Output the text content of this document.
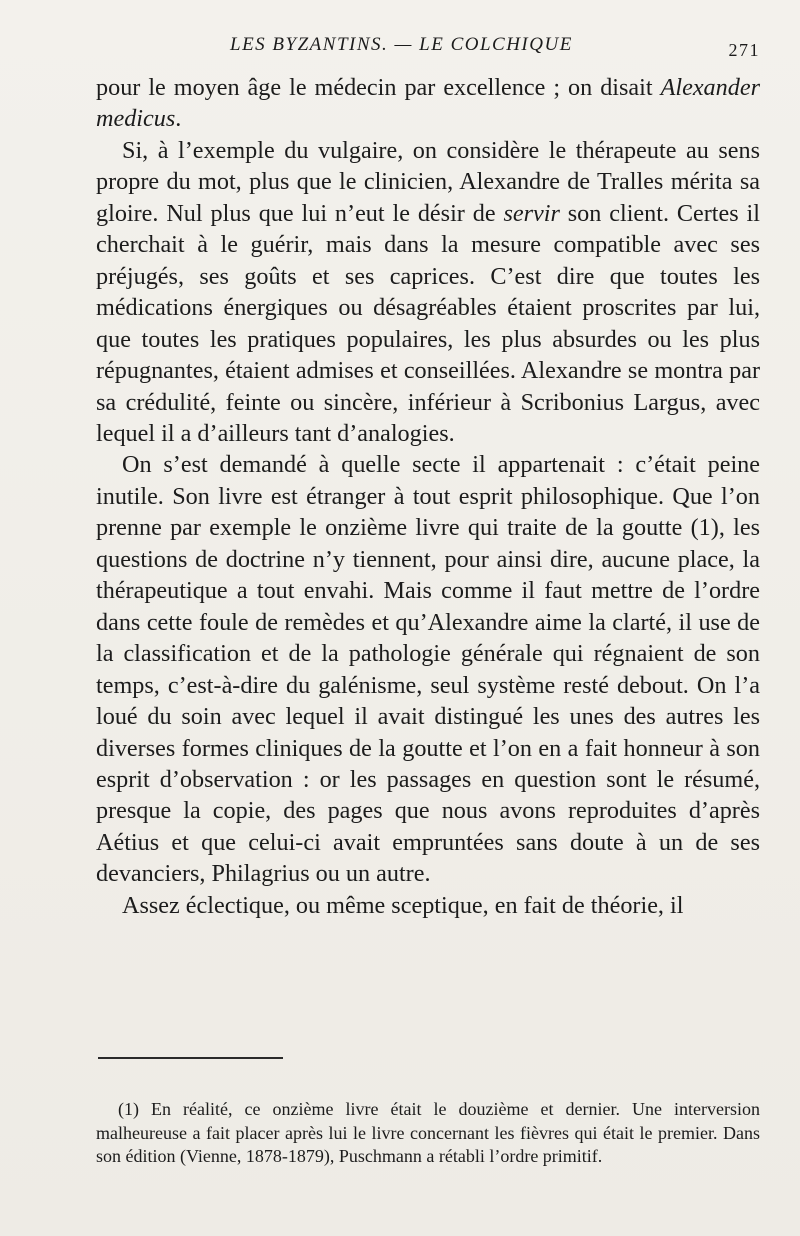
LES BYZANTINS. — LE COLCHIQUE	271

pour le moyen âge le médecin par excellence ; on disait Alexander medicus.

Si, à l’exemple du vulgaire, on considère le thérapeute au sens propre du mot, plus que le clinicien, Alexandre de Tralles mérita sa gloire. Nul plus que lui n’eut le désir de servir son client. Certes il cherchait à le guérir, mais dans la mesure compatible avec ses préjugés, ses goûts et ses caprices. C’est dire que toutes les médications énergiques ou désagréables étaient proscrites par lui, que toutes les pratiques populaires, les plus absurdes ou les plus répugnantes, étaient admises et conseillées. Alexandre se montra par sa crédulité, feinte ou sincère, inférieur à Scribonius Largus, avec lequel il a d’ailleurs tant d’analogies.

On s’est demandé à quelle secte il appartenait : c’était peine inutile. Son livre est étranger à tout esprit philosophique. Que l’on prenne par exemple le onzième livre qui traite de la goutte (1), les questions de doctrine n’y tiennent, pour ainsi dire, aucune place, la thérapeutique a tout envahi. Mais comme il faut mettre de l’ordre dans cette foule de remèdes et qu’Alexandre aime la clarté, il use de la classification et de la pathologie générale qui régnaient de son temps, c’est-à-dire du galénisme, seul système resté debout. On l’a loué du soin avec lequel il avait distingué les unes des autres les diverses formes cliniques de la goutte et l’on en a fait honneur à son esprit d’observation : or les passages en question sont le résumé, presque la copie, des pages que nous avons reproduites d’après Aétius et que celui-ci avait empruntées sans doute à un de ses devanciers, Philagrius ou un autre.

Assez éclectique, ou même sceptique, en fait de théorie, il

(1) En réalité, ce onzième livre était le douzième et dernier. Une interversion malheureuse a fait placer après lui le livre concernant les fièvres qui était le premier. Dans son édition (Vienne, 1878-1879), Puschmann a rétabli l’ordre primitif.
